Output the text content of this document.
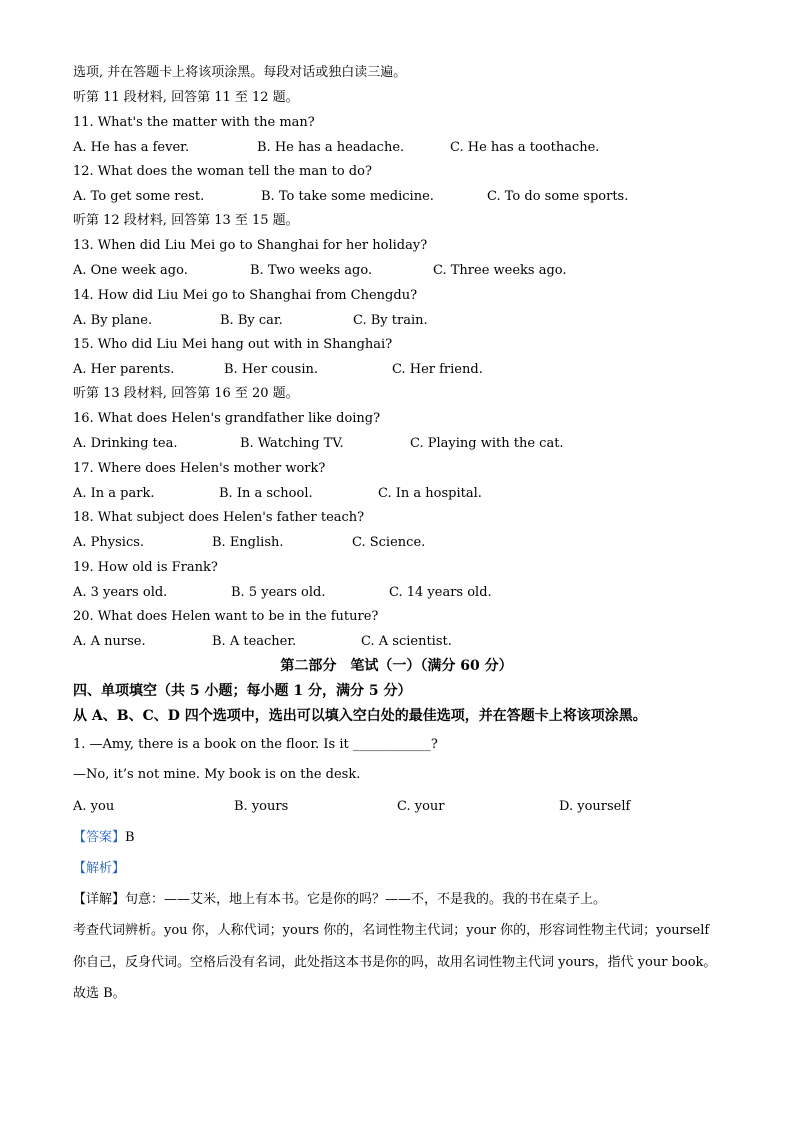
选项, 并在答题卡上将该项涂黑。每段对话或独白读三遍。
听第 11 段材料, 回答第 11 至 12 题。
11. What's the matter with the man?
A. He has a fever.	B. He has a headache.	C. He has a toothache.
12. What does the woman tell the man to do?
A. To get some rest.	B. To take some medicine.	C. To do some sports.
听第 12 段材料, 回答第 13 至 15 题。
13. When did Liu Mei go to Shanghai for her holiday?
A. One week ago.	B. Two weeks ago.	C. Three weeks ago.
14. How did Liu Mei go to Shanghai from Chengdu?
A. By plane.	B. By car.	C. By train.
15. Who did Liu Mei hang out with in Shanghai?
A. Her parents.	B. Her cousin.	C. Her friend.
听第 13 段材料, 回答第 16 至 20 题。
16. What does Helen's grandfather like doing?
A. Drinking tea.	B. Watching TV.	C. Playing with the cat.
17. Where does Helen's mother work?
A. In a park.	B. In a school.	C. In a hospital.
18. What subject does Helen's father teach?
A. Physics.	B. English.	C. Science.
19. How old is Frank?
A. 3 years old.	B. 5 years old.	C. 14 years old.
20. What does Helen want to be in the future?
A. A nurse.	B. A teacher.	C. A scientist.
第二部分　笔试（一）（满分 60 分）
四、单项填空（共 5 小题；每小题 1 分，满分 5 分）
从 A、B、C、D 四个选项中，选出可以填入空白处的最佳选项，并在答题卡上将该项涂黑。
1. —Amy, there is a book on the floor. Is it ____________?
—No, it’s not mine. My book is on the desk.
A. you	B. yours	C. your	D. yourself
【答案】B
【解析】
【详解】句意：——艾米，地上有本书。它是你的吗？——不，不是我的。我的书在桌子上。
考查代词辨析。you 你，人称代词；yours 你的，名词性物主代词；your 你的，形容词性物主代词；yourself
你自己，反身代词。空格后没有名词，此处指这本书是你的吗，故用名词性物主代词 yours，指代 your book。
故选 B。
